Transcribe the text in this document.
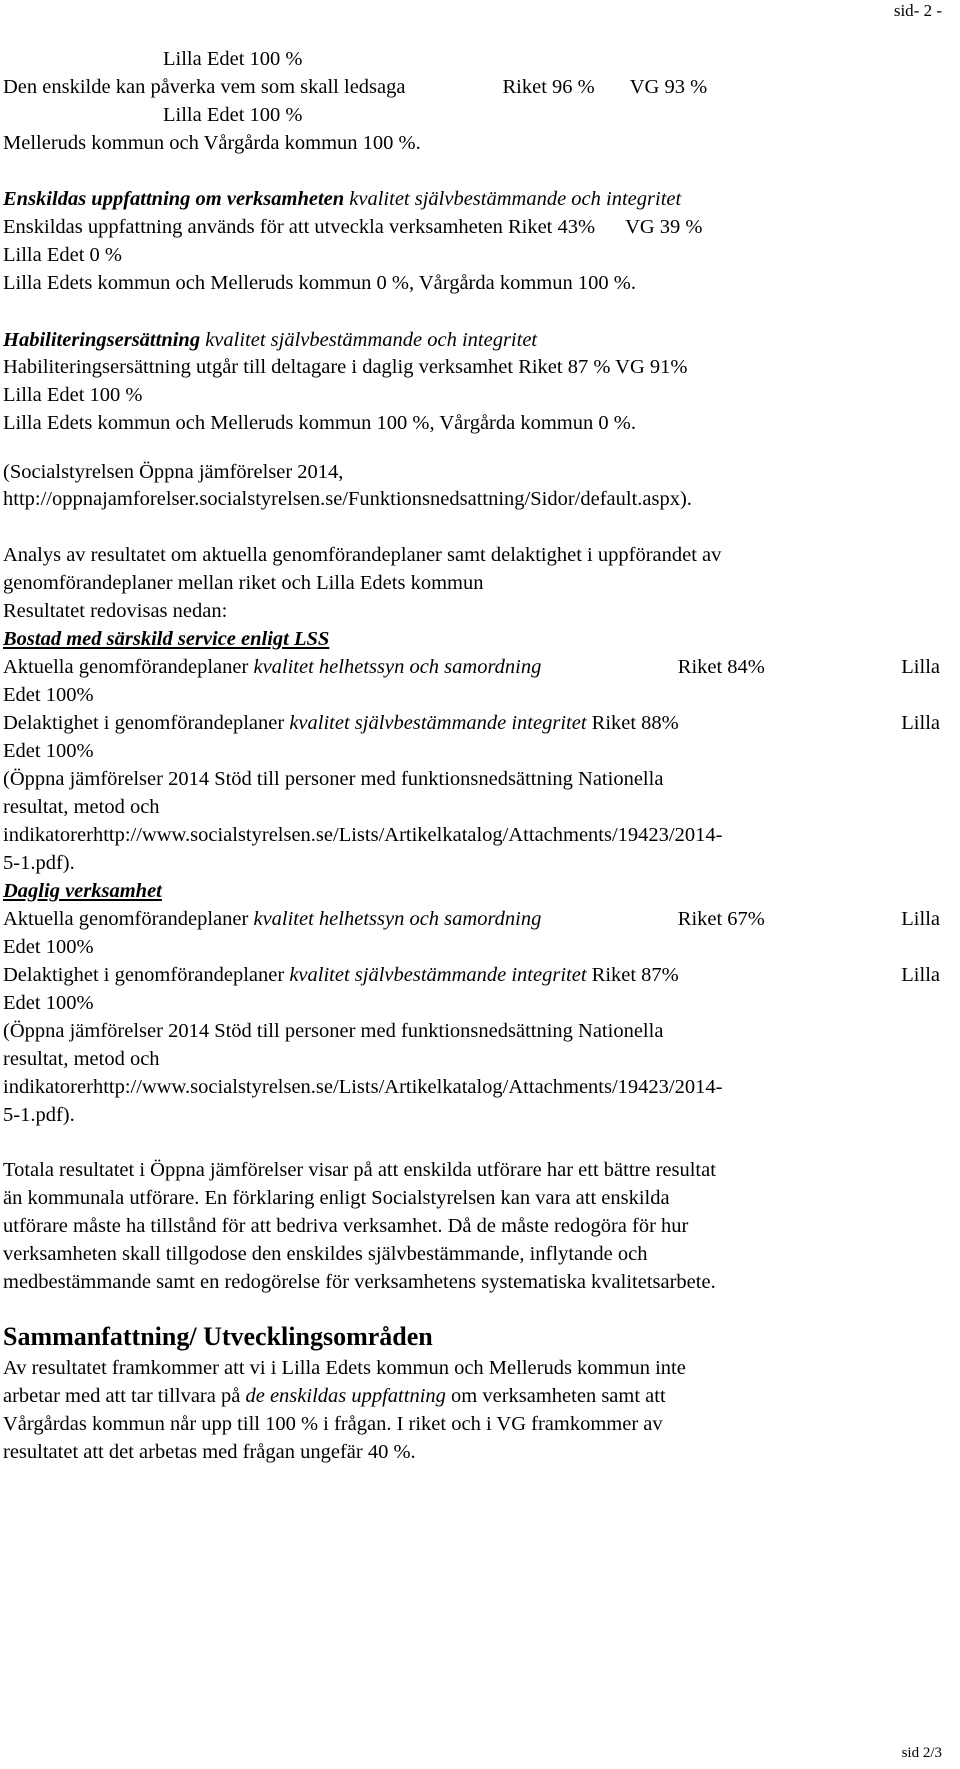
sid- 2 -
Lilla Edet 100 %
Den enskilde kan påverka vem som skall ledsaga	Riket 96 % VG 93 %
Lilla Edet 100 %
Melleruds kommun och Vårgårda kommun 100 %.
Enskildas uppfattning om verksamheten kvalitet självbestämmande och integritet
Enskildas uppfattning används för att utveckla verksamheten Riket 43% VG 39 %
Lilla Edet 0 %
Lilla Edets kommun och Melleruds kommun 0 %, Vårgårda kommun 100 %.
Habiliteringsersättning kvalitet självbestämmande och integritet
Habiliteringsersättning utgår till deltagare i daglig verksamhet Riket 87 % VG 91%
Lilla Edet 100 %
Lilla Edets kommun och Melleruds kommun 100 %, Vårgårda kommun 0 %.
(Socialstyrelsen Öppna jämförelser 2014,
http://oppnajamforelser.socialstyrelsen.se/Funktionsnedsattning/Sidor/default.aspx).
Analys av resultatet om aktuella genomförandeplaner samt delaktighet i uppförandet av
genomförandeplaner mellan riket och Lilla Edets kommun
Resultatet redovisas nedan:
Bostad med särskild service enligt LSS
Aktuella genomförandeplaner kvalitet helhetssyn och samordning	Riket 84%	Lilla
Edet 100%
Delaktighet i genomförandeplaner kvalitet självbestämmande integritet Riket 88%	Lilla
Edet 100%
(Öppna jämförelser 2014 Stöd till personer med funktionsnedsättning Nationella
resultat, metod och
indikatorerhttp://www.socialstyrelsen.se/Lists/Artikelkatalog/Attachments/19423/2014-
5-1.pdf).
Daglig verksamhet
Aktuella genomförandeplaner kvalitet helhetssyn och samordning	Riket 67%	Lilla
Edet 100%
Delaktighet i genomförandeplaner kvalitet självbestämmande integritet Riket 87%	Lilla
Edet 100%
(Öppna jämförelser 2014 Stöd till personer med funktionsnedsättning Nationella
resultat, metod och
indikatorerhttp://www.socialstyrelsen.se/Lists/Artikelkatalog/Attachments/19423/2014-
5-1.pdf).
Totala resultatet i Öppna jämförelser visar på att enskilda utförare har ett bättre resultat
än kommunala utförare. En förklaring enligt Socialstyrelsen kan vara att enskilda
utförare måste ha tillstånd för att bedriva verksamhet. Då de måste redogöra för hur
verksamheten skall tillgodose den enskildes självbestämmande, inflytande och
medbestämmande samt en redogörelse för verksamhetens systematiska kvalitetsarbete.
Sammanfattning/ Utvecklingsområden
Av resultatet framkommer att vi i Lilla Edets kommun och Melleruds kommun inte
arbetar med att tar tillvara på de enskildas uppfattning om verksamheten samt att
Vårgårdas kommun når upp till 100 % i frågan. I riket och i VG framkommer av
resultatet att det arbetas med frågan ungefär 40 %.
sid 2/3
